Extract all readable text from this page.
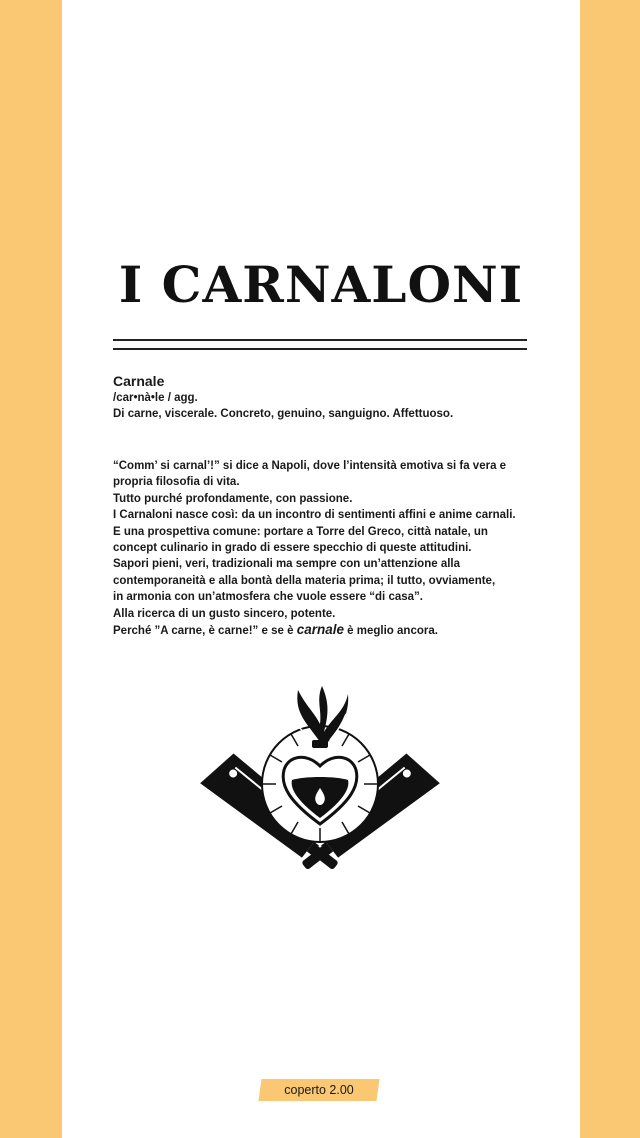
I CARNALONI
Carnale
/car•nà•le / agg.
Di carne, viscerale. Concreto, genuino, sanguigno. Affettuoso.
“Comm’ si carnal’!” si dice a Napoli, dove l’intensità emotiva si fa vera e
propria filosofia di vita.
Tutto purché profondamente, con passione.
I Carnaloni nasce così: da un incontro di sentimenti affini e anime carnali.
E una prospettiva comune: portare a Torre del Greco, città natale, un
concept culinario in grado di essere specchio di queste attitudini.
Sapori pieni, veri, tradizionali ma sempre con un’attenzione alla
contemporaneità e alla bontà della materia prima; il tutto, ovviamente,
in armonia con un’atmosfera che vuole essere “di casa”.
Alla ricerca di un gusto sincero, potente.
Perché ”A carne, è carne!” e se è carnale è meglio ancora.
coperto 2.00
